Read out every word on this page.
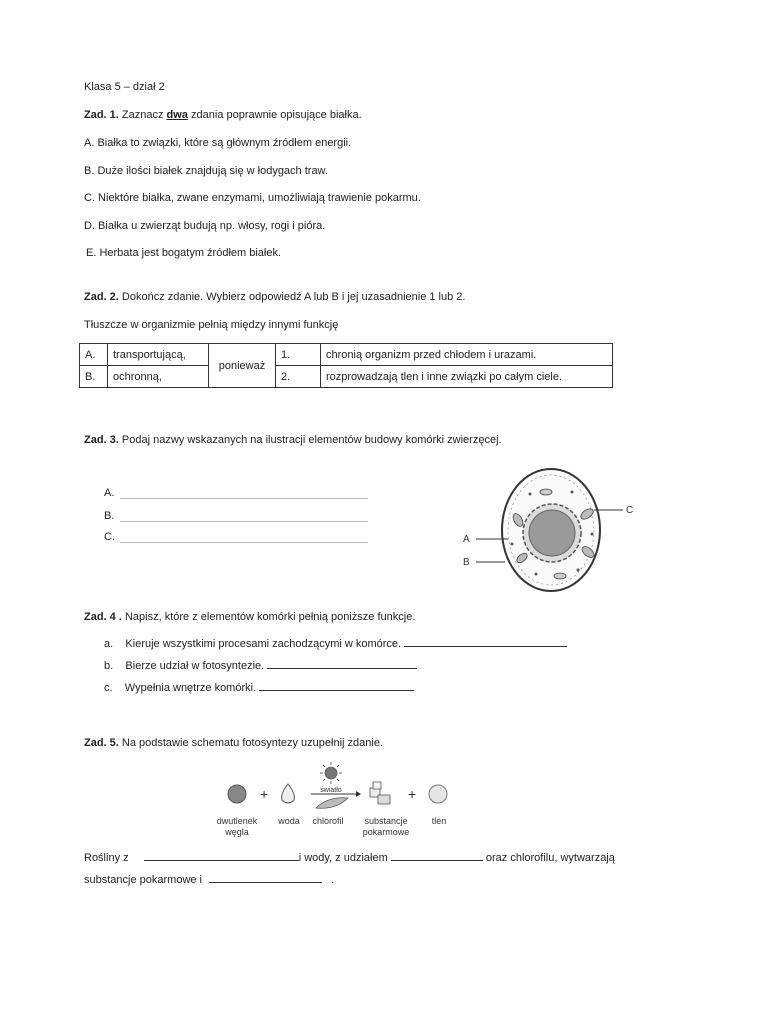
Klasa 5 – dział 2
Zad. 1. Zaznacz dwa zdania poprawnie opisujące białka.
A. Białka to związki, które są głównym źródłem energii.
B. Duże ilości białek znajdują się w łodygach traw.
C. Niektóre białka, zwane enzymami, umożliwiają trawienie pokarmu.
D. Białka u zwierząt budują np. włosy, rogi i pióra.
E. Herbata jest bogatym źródłem białek.
Zad. 2. Dokończ zdanie. Wybierz odpowiedź A lub B i jej uzasadnienie 1 lub 2.
Tłuszcze w organizmie pełnią między innymi funkcję
A.	transportującą,	ponieważ	1.	chronią organizm przed chłodem i urazami.
B.	ochronną,		2.	rozprowadzają tlen i inne związki po całym ciele.
Zad. 3. Podaj nazwy wskazanych na ilustracji elementów budowy komórki zwierzęcej.
A.
B.
C.	A
B
C
Zad. 4 . Napisz, które z elementów komórki pełnią poniższe funkcje.
a. Kieruje wszystkimi procesami zachodzącymi w komórce.
b. Bierze udział w fotosyntezie.
c. Wypełnia wnętrze komórki.
Zad. 5. Na podstawie schematu fotosyntezy uzupełnij zdanie.
+	światło	+
dwutlenek węgla
woda	chlorofil	substancje pokarmowe
tlen
Rośliny z	i wody, z udziałem	oraz chlorofilu, wytwarzają
substancje pokarmowe i	.
